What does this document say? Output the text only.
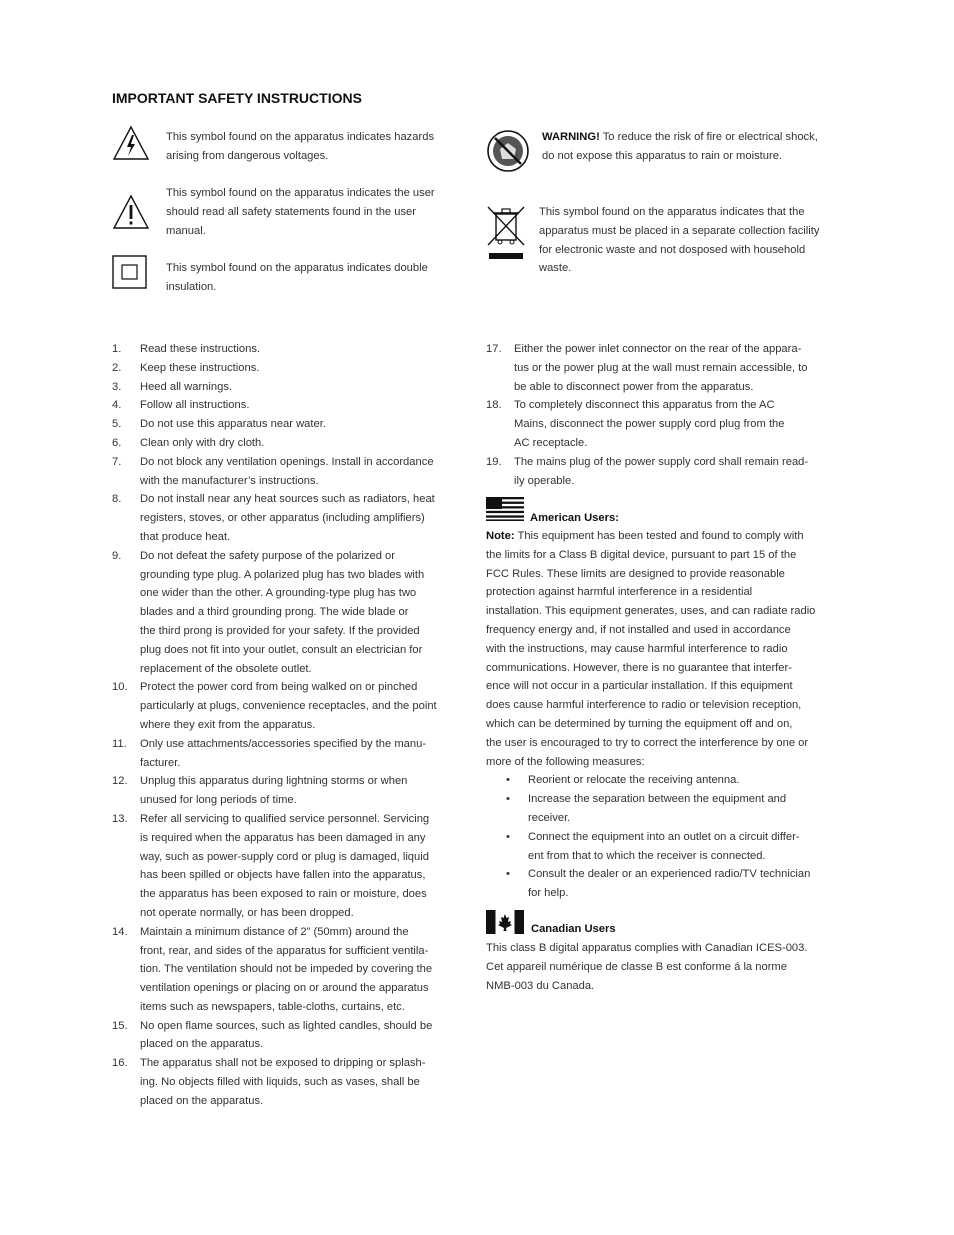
IMPORTANT SAFETY INSTRUCTIONS
This symbol found on the apparatus indicates hazards arising from dangerous voltages.
This symbol found on the apparatus indicates the user should read all safety statements found in the user manual.
This symbol found on the apparatus indicates double insulation.
WARNING! To reduce the risk of fire or electrical shock, do not expose this apparatus to rain or moisture.
This symbol found on the apparatus indicates that the apparatus must be placed in a separate collection facility for electronic waste and not dosposed with household waste.
1. Read these instructions.
2. Keep these instructions.
3. Heed all warnings.
4. Follow all instructions.
5. Do not use this apparatus near water.
6. Clean only with dry cloth.
7. Do not block any ventilation openings. Install in accordance
with the manufacturer’s instructions.
8. Do not install near any heat sources such as radiators, heat
registers, stoves, or other apparatus (including amplifiers)
that produce heat.
9. Do not defeat the safety purpose of the polarized or
grounding type plug. A polarized plug has two blades with
one wider than the other. A grounding-type plug has two
blades and a third grounding prong. The wide blade or
the third prong is provided for your safety. If the provided
plug does not fit into your outlet, consult an electrician for
replacement of the obsolete outlet.
10. Protect the power cord from being walked on or pinched
particularly at plugs, convenience receptacles, and the point
where they exit from the apparatus.
11. Only use attachments/accessories specified by the manu-
facturer.
12. Unplug this apparatus during lightning storms or when
unused for long periods of time.
13. Refer all servicing to qualified service personnel. Servicing
is required when the apparatus has been damaged in any
way, such as power-supply cord or plug is damaged, liquid
has been spilled or objects have fallen into the apparatus,
the apparatus has been exposed to rain or moisture, does
not operate normally, or has been dropped.
14. Maintain a minimum distance of 2” (50mm) around the
front, rear, and sides of the apparatus for sufficient ventila-
tion. The ventilation should not be impeded by covering the
ventilation openings or placing on or around the apparatus
items such as newspapers, table-cloths, curtains, etc.
15. No open flame sources, such as lighted candles, should be
placed on the apparatus.
16. The apparatus shall not be exposed to dripping or splash-
ing. No objects filled with liquids, such as vases, shall be
placed on the apparatus.
17. Either the power inlet connector on the rear of the appara-
tus or the power plug at the wall must remain accessible, to
be able to disconnect power from the apparatus.
18. To completely disconnect this apparatus from the AC
Mains, disconnect the power supply cord plug from the
AC receptacle.
19. The mains plug of the power supply cord shall remain read-
ily operable.
American Users:
Note: This equipment has been tested and found to comply with
the limits for a Class B digital device, pursuant to part 15 of the
FCC Rules. These limits are designed to provide reasonable
protection against harmful interference in a residential
installation. This equipment generates, uses, and can radiate radio
frequency energy and, if not installed and used in accordance
with the instructions, may cause harmful interference to radio
communications. However, there is no guarantee that interfer-
ence will not occur in a particular installation. If this equipment
does cause harmful interference to radio or television reception,
which can be determined by turning the equipment off and on,
the user is encouraged to try to correct the interference by one or
more of the following measures:
• Reorient or relocate the receiving antenna.
• Increase the separation between the equipment and
receiver.
• Connect the equipment into an outlet on a circuit differ-
ent from that to which the receiver is connected.
• Consult the dealer or an experienced radio/TV technician
for help.
Canadian Users
This class B digital apparatus complies with Canadian ICES-003.
Cet appareil numérique de classe B est conforme á la norme
NMB-003 du Canada.
